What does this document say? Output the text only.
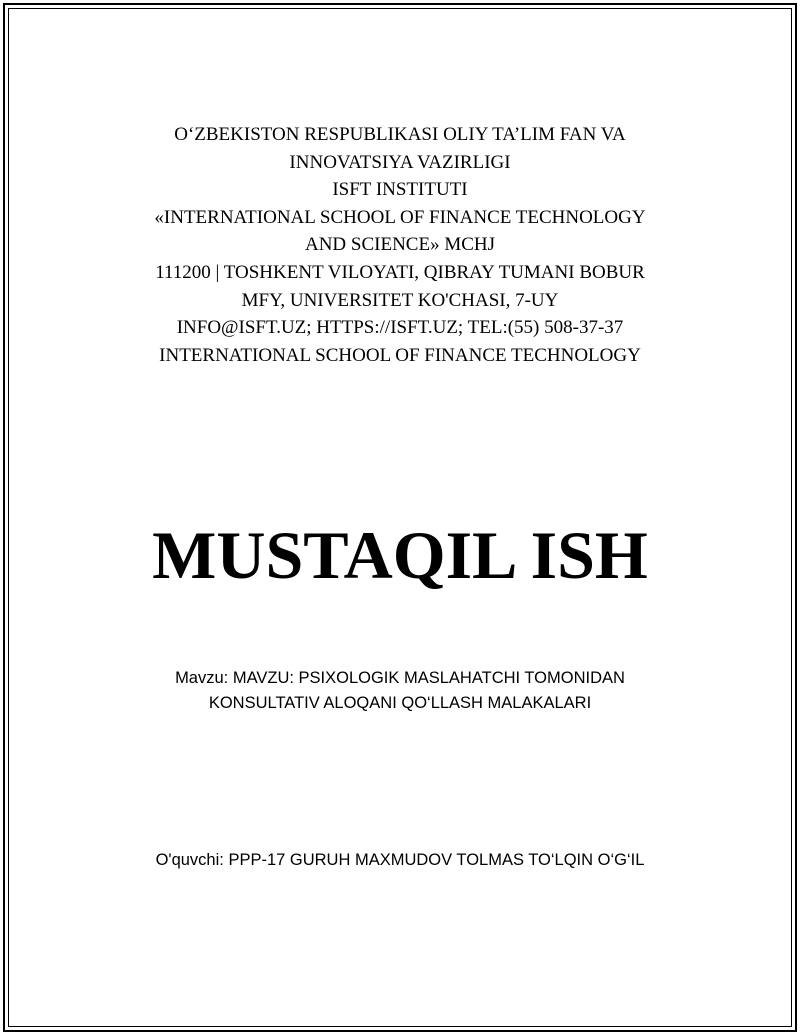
O‘ZBEKISTON RESPUBLIKASI OLIY TA’LIM FAN VA
INNOVATSIYA VAZIRLIGI
ISFT INSTITUTI
«INTERNATIONAL SCHOOL OF FINANCE TECHNOLOGY
AND SCIENCE» MCHJ
111200 | TOSHKENT VILOYATI, QIBRAY TUMANI BOBUR
MFY, UNIVERSITET KO'CHASI, 7-UY
INFO@ISFT.UZ; HTTPS://ISFT.UZ; TEL:(55) 508-37-37
INTERNATIONAL SCHOOL OF FINANCE TECHNOLOGY
MUSTAQIL ISH
Mavzu: MAVZU: PSIXOLOGIK MASLAHATCHI TOMONIDAN
KONSULTATIV ALOQANI QO‘LLASH MALAKALARI
O'quvchi: PPP-17 GURUH MAXMUDOV TOLMAS TO‘LQIN O‘G‘IL
